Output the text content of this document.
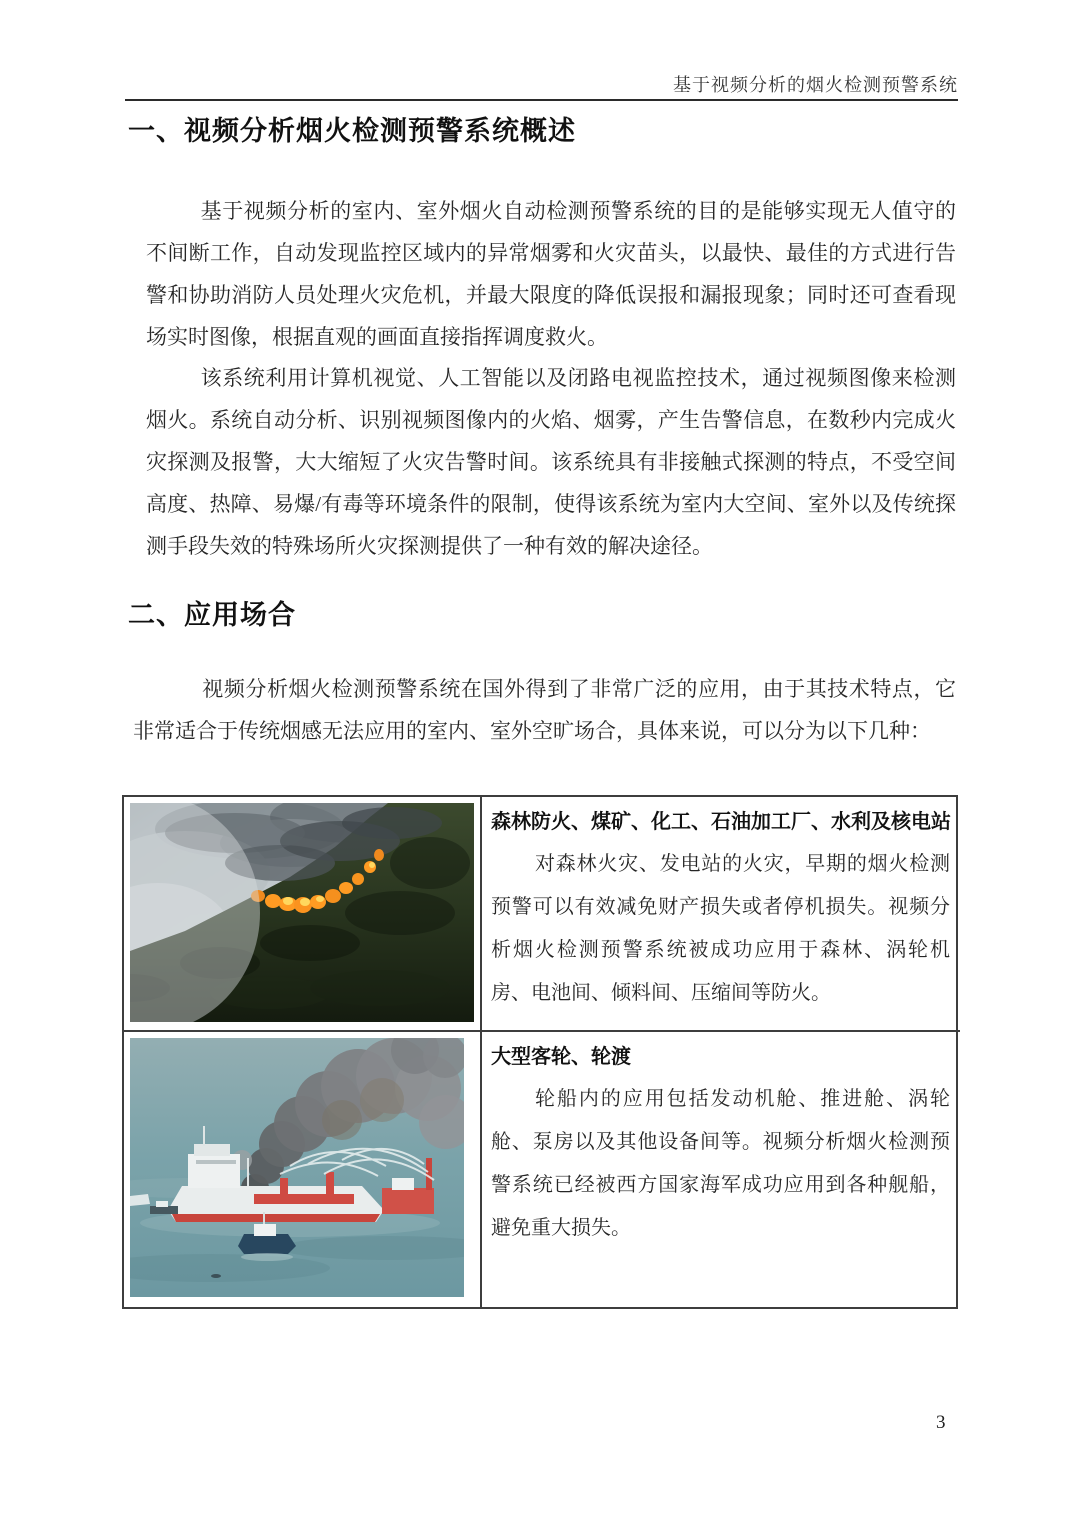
基于视频分析的烟火检测预警系统
一、视频分析烟火检测预警系统概述
基于视频分析的室内、室外烟火自动检测预警系统的目的是能够实现无人值守的不间断工作，自动发现监控区域内的异常烟雾和火灾苗头，以最快、最佳的方式进行告警和协助消防人员处理火灾危机，并最大限度的降低误报和漏报现象；同时还可查看现场实时图像，根据直观的画面直接指挥调度救火。
该系统利用计算机视觉、人工智能以及闭路电视监控技术，通过视频图像来检测烟火。系统自动分析、识别视频图像内的火焰、烟雾，产生告警信息，在数秒内完成火灾探测及报警，大大缩短了火灾告警时间。该系统具有非接触式探测的特点，不受空间高度、热障、易爆/有毒等环境条件的限制，使得该系统为室内大空间、室外以及传统探测手段失效的特殊场所火灾探测提供了一种有效的解决途径。
二、应用场合
视频分析烟火检测预警系统在国外得到了非常广泛的应用，由于其技术特点，它非常适合于传统烟感无法应用的室内、室外空旷场合，具体来说，可以分为以下几种：
森林防火、煤矿、化工、石油加工厂、水利及核电站

对森林火灾、发电站的火灾，早期的烟火检测预警可以有效减免财产损失或者停机损失。视频分析烟火检测预警系统被成功应用于森林、涡轮机房、电池间、倾料间、压缩间等防火。

大型客轮、轮渡

轮船内的应用包括发动机舱、推进舱、涡轮舱、泵房以及其他设备间等。视频分析烟火检测预警系统已经被西方国家海军成功应用到各种舰船，避免重大损失。

3
